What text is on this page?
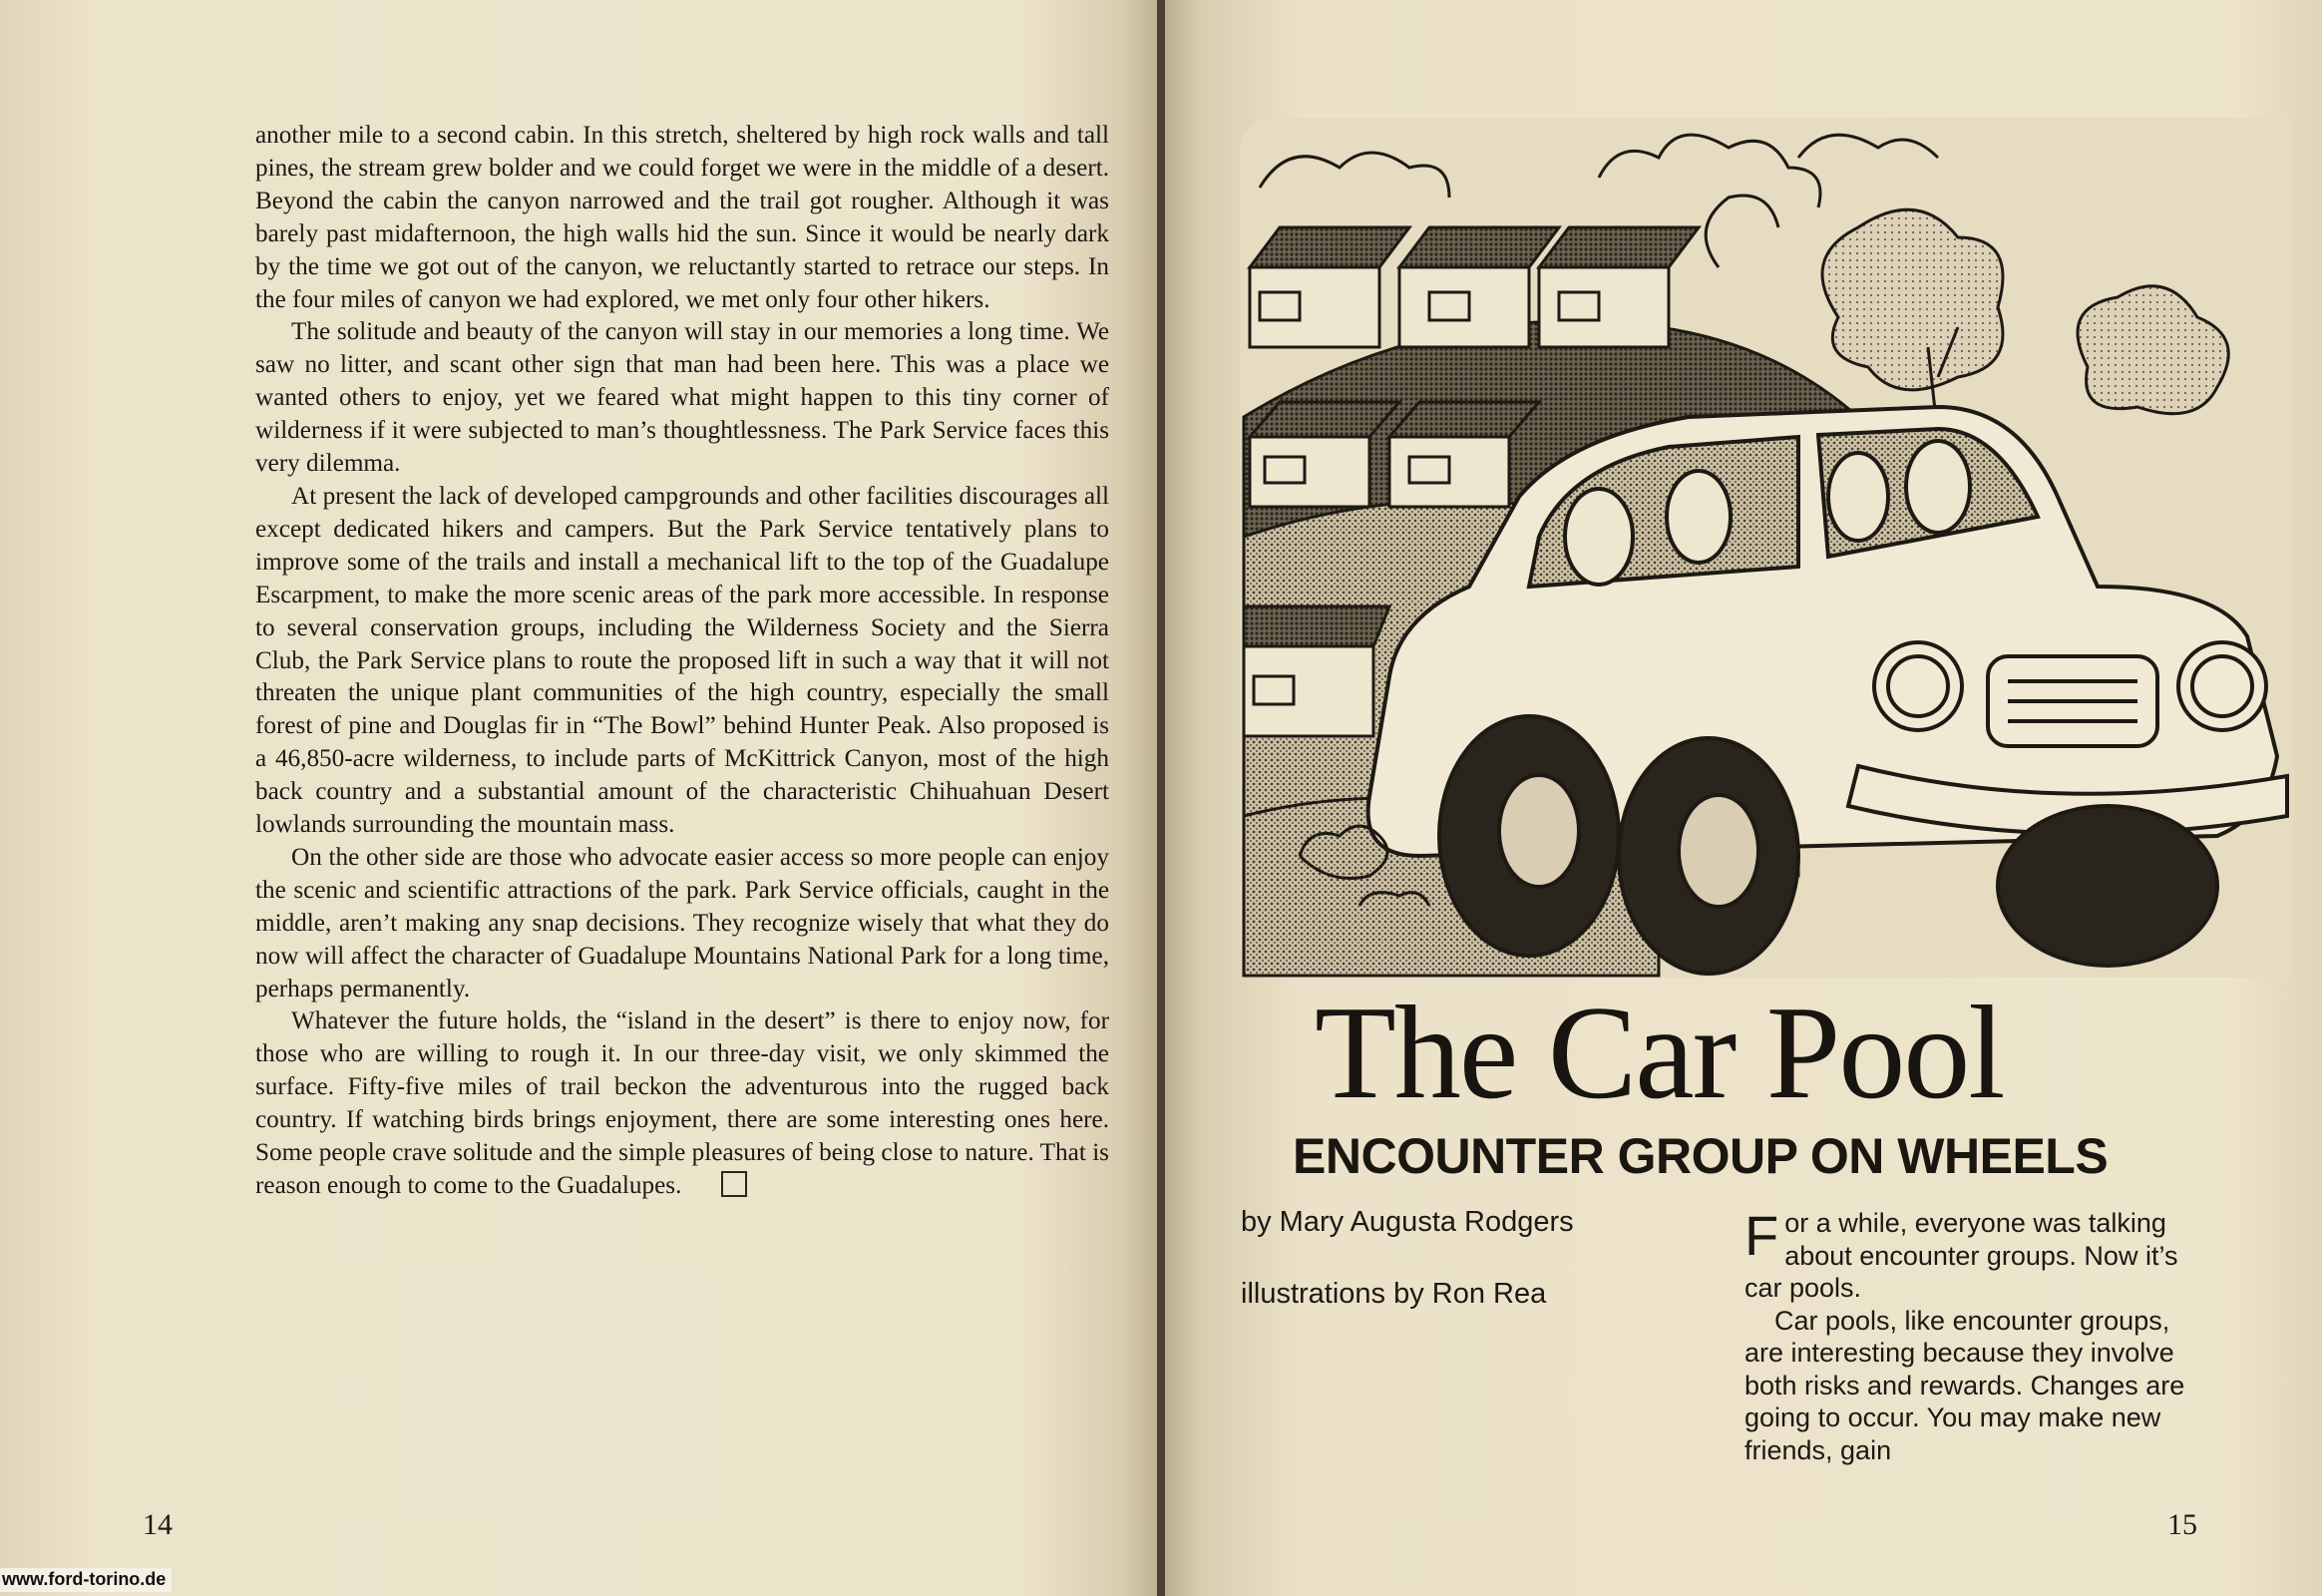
another mile to a second cabin. In this stretch, sheltered by high rock walls and tall pines, the stream grew bolder and we could forget we were in the middle of a desert. Beyond the cabin the canyon narrowed and the trail got rougher. Although it was barely past midafternoon, the high walls hid the sun. Since it would be nearly dark by the time we got out of the canyon, we reluctantly started to retrace our steps. In the four miles of canyon we had explored, we met only four other hikers.

The solitude and beauty of the canyon will stay in our memories a long time. We saw no litter, and scant other sign that man had been here. This was a place we wanted others to enjoy, yet we feared what might happen to this tiny corner of wilderness if it were subjected to man’s thoughtlessness. The Park Service faces this very dilemma.

At present the lack of developed campgrounds and other facilities discourages all except dedicated hikers and campers. But the Park Service tentatively plans to improve some of the trails and install a mechanical lift to the top of the Guadalupe Escarpment, to make the more scenic areas of the park more accessible. In response to several conservation groups, including the Wilderness Society and the Sierra Club, the Park Service plans to route the proposed lift in such a way that it will not threaten the unique plant communities of the high country, especially the small forest of pine and Douglas fir in “The Bowl” behind Hunter Peak. Also proposed is a 46,850-acre wilderness, to include parts of McKittrick Canyon, most of the high back country and a substantial amount of the characteristic Chihuahuan Desert lowlands surrounding the mountain mass.

On the other side are those who advocate easier access so more people can enjoy the scenic and scientific attractions of the park. Park Service officials, caught in the middle, aren’t making any snap decisions. They recognize wisely that what they do now will affect the character of Guadalupe Mountains National Park for a long time, perhaps permanently.

Whatever the future holds, the “island in the desert” is there to enjoy now, for those who are willing to rough it. In our three-day visit, we only skimmed the surface. Fifty-five miles of trail beckon the adventurous into the rugged back country. If watching birds brings enjoyment, there are some interesting ones here. Some people crave solitude and the simple pleasures of being close to nature. That is reason enough to come to the Guadalupes.

14
www.ford-torino.de
The Car Pool
ENCOUNTER GROUP ON WHEELS
by Mary Augusta Rodgers
illustrations by Ron Rea

For a while, everyone was talking about encounter groups. Now it’s car pools.

Car pools, like encounter groups, are interesting because they involve both risks and rewards. Changes are going to occur. You may make new friends, gain

15
